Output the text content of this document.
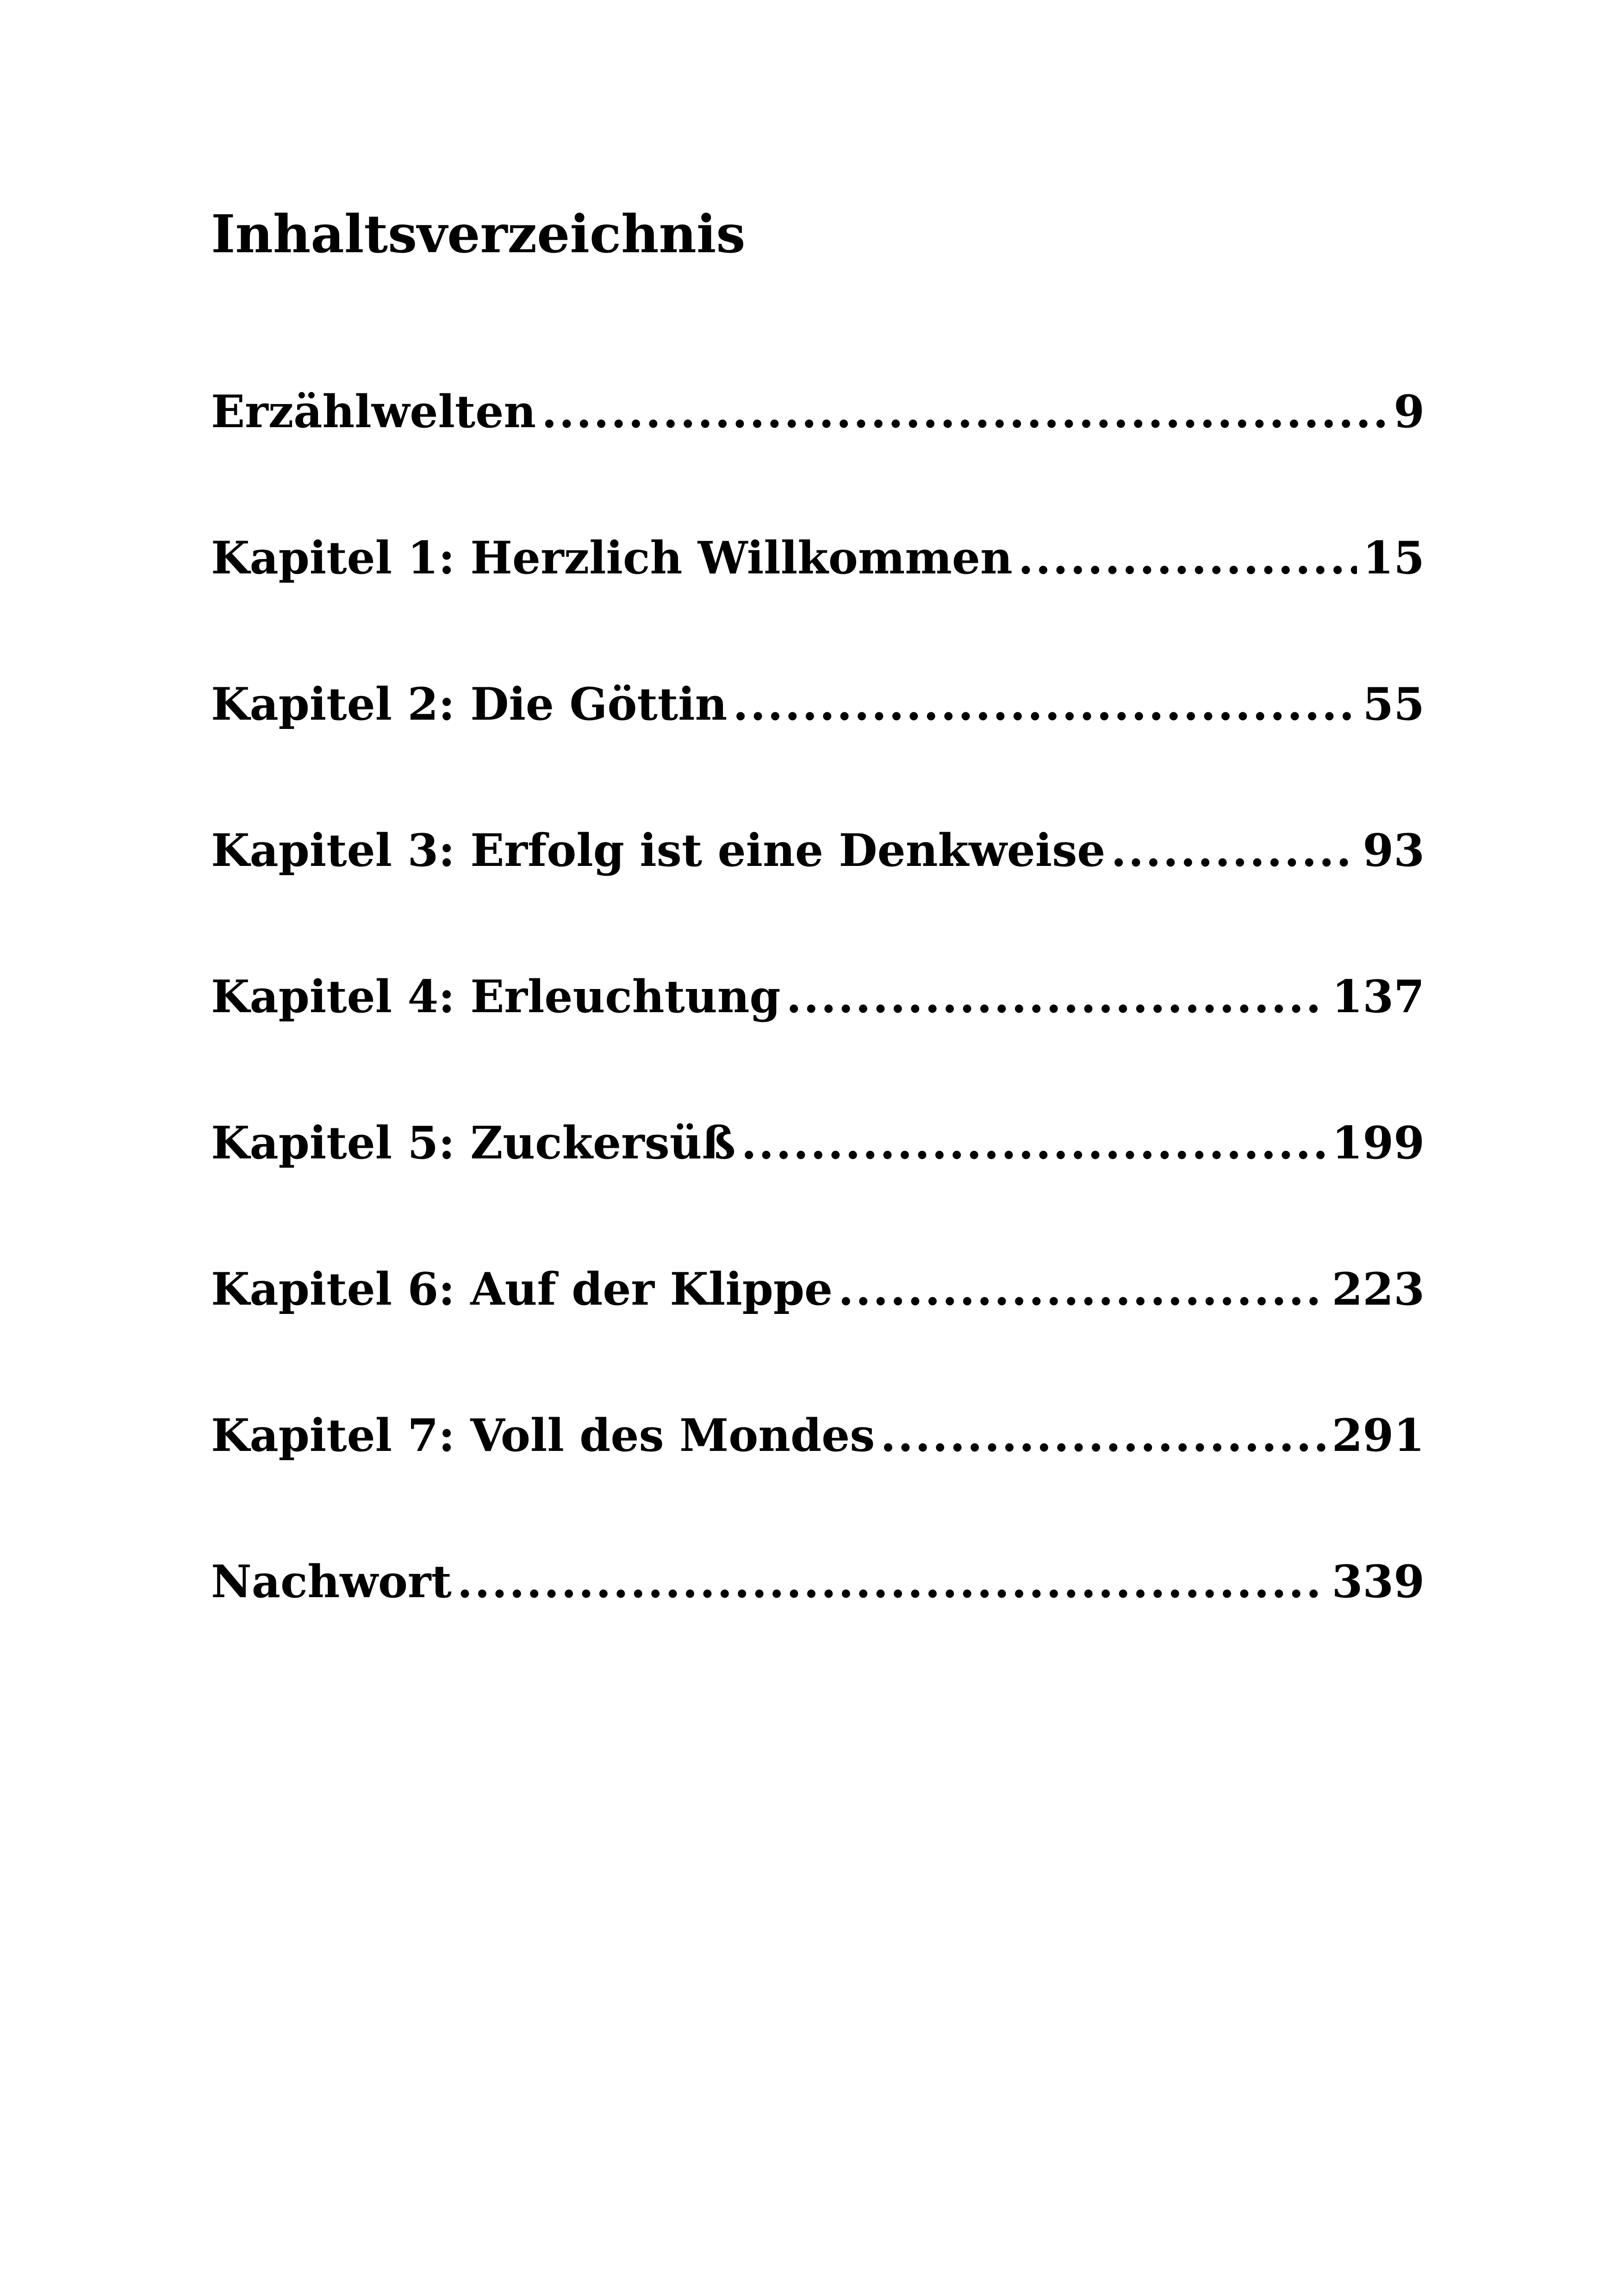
Inhaltsverzeichnis
Erzählwelten .....	9
Kapitel 1: Herzlich Willkommen .....	15
Kapitel 2: Die Göttin .....	55
Kapitel 3: Erfolg ist eine Denkweise .....	93
Kapitel 4: Erleuchtung .....	137
Kapitel 5: Zuckersüß .....	199
Kapitel 6: Auf der Klippe .....	223
Kapitel 7: Voll des Mondes .....	291
Nachwort .....	339
